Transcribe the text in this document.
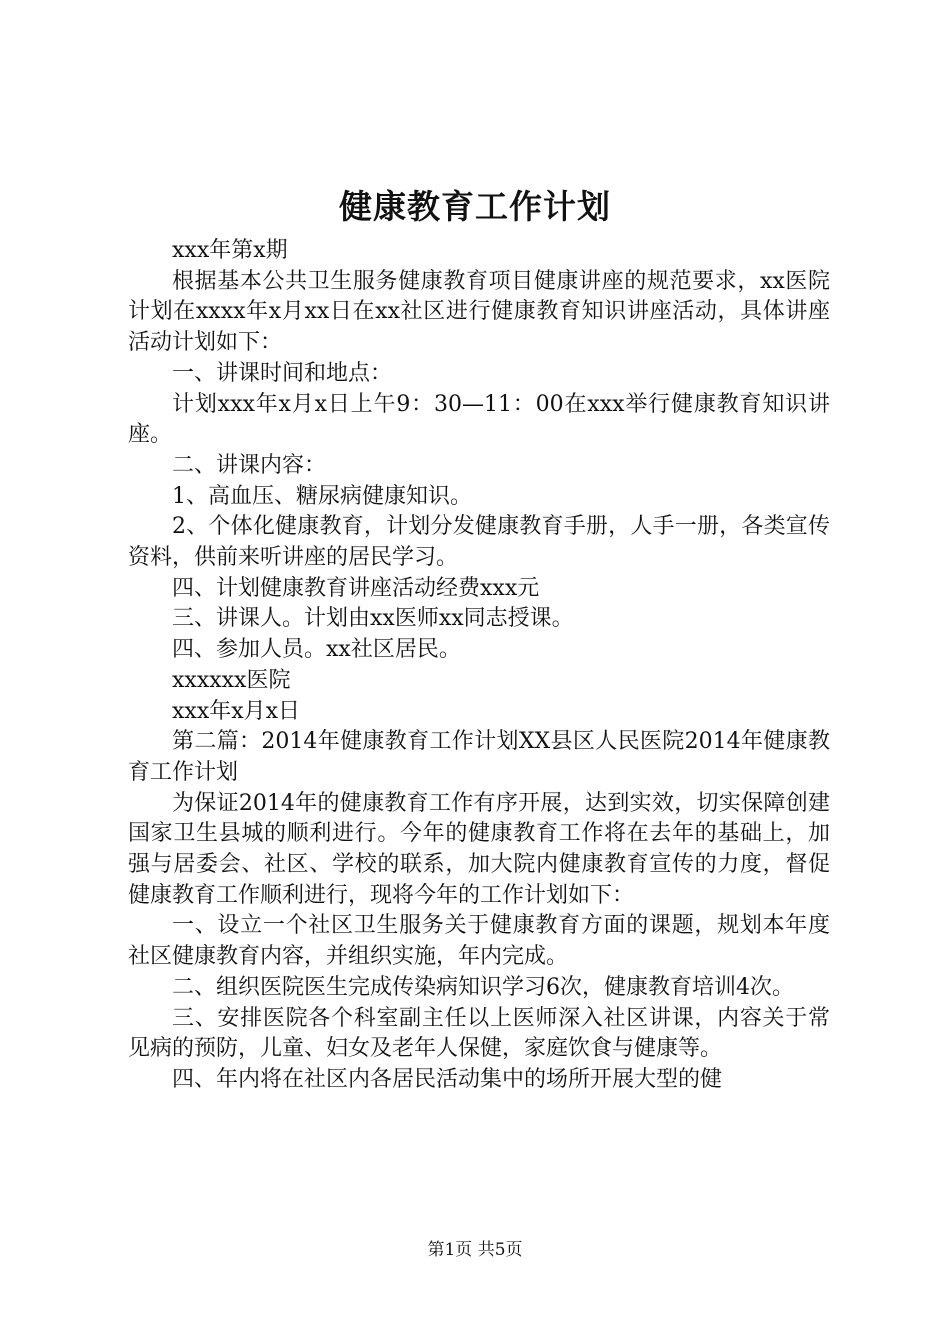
健康教育工作计划

xxx年第x期

根据基本公共卫生服务健康教育项目健康讲座的规范要求，xx医院计划在xxxx年x月xx日在xx社区进行健康教育知识讲座活动，具体讲座活动计划如下：

一、讲课时间和地点：

计划xxx年x月x日上午9：30—11：00在xxx举行健康教育知识讲座。

二、讲课内容：

1、高血压、糖尿病健康知识。

2、个体化健康教育，计划分发健康教育手册，人手一册，各类宣传资料，供前来听讲座的居民学习。

四、计划健康教育讲座活动经费xxx元

三、讲课人。计划由xx医师xx同志授课。

四、参加人员。xx社区居民。

xxxxxx医院

xxx年x月x日

第二篇：2014年健康教育工作计划XX县区人民医院2014年健康教育工作计划

为保证2014年的健康教育工作有序开展，达到实效，切实保障创建国家卫生县城的顺利进行。今年的健康教育工作将在去年的基础上，加强与居委会、社区、学校的联系，加大院内健康教育宣传的力度，督促健康教育工作顺利进行，现将今年的工作计划如下：

一、设立一个社区卫生服务关于健康教育方面的课题，规划本年度社区健康教育内容，并组织实施，年内完成。

二、组织医院医生完成传染病知识学习6次，健康教育培训4次。

三、安排医院各个科室副主任以上医师深入社区讲课，内容关于常见病的预防，儿童、妇女及老年人保健，家庭饮食与健康等。

四、年内将在社区内各居民活动集中的场所开展大型的健

第1页 共5页
